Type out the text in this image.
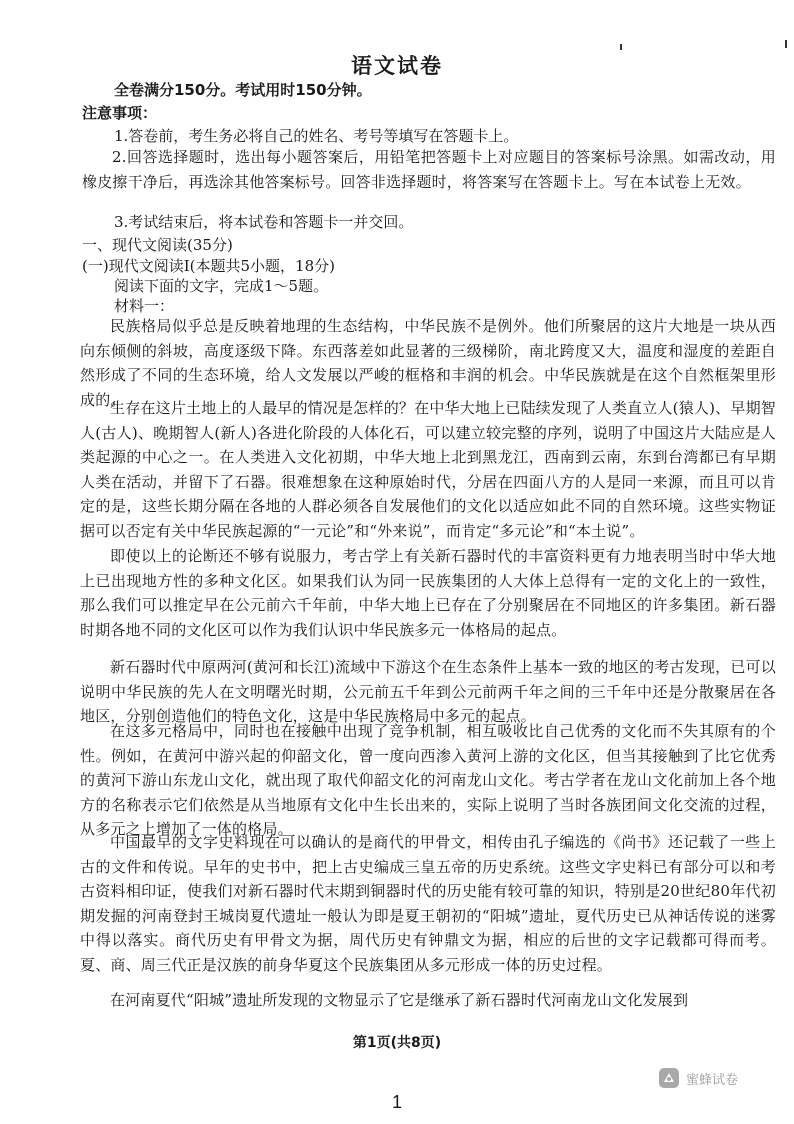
语文试卷
全卷满分150分。考试用时150分钟。
注意事项：
1.答卷前，考生务必将自己的姓名、考号等填写在答题卡上。
2.回答选择题时，选出每小题答案后，用铅笔把答题卡上对应题目的答案标号涂黑。如需改动，用橡皮擦干净后，再选涂其他答案标号。回答非选择题时，将答案写在答题卡上。写在本试卷上无效。
3.考试结束后，将本试卷和答题卡一并交回。
一、现代文阅读(35分)
(一)现代文阅读Ⅰ(本题共5小题，18分)
阅读下面的文字，完成1～5题。
材料一：
民族格局似乎总是反映着地理的生态结构，中华民族不是例外。他们所聚居的这片大地是一块从西向东倾侧的斜坡，高度逐级下降。东西落差如此显著的三级梯阶，南北跨度又大，温度和湿度的差距自然形成了不同的生态环境，给人文发展以严峻的框格和丰润的机会。中华民族就是在这个自然框架里形成的。
生存在这片土地上的人最早的情况是怎样的？在中华大地上已陆续发现了人类直立人(猿人)、早期智人(古人)、晚期智人(新人)各进化阶段的人体化石，可以建立较完整的序列，说明了中国这片大陆应是人类起源的中心之一。在人类进入文化初期，中华大地上北到黑龙江，西南到云南，东到台湾都已有早期人类在活动，并留下了石器。很难想象在这种原始时代，分居在四面八方的人是同一来源，而且可以肯定的是，这些长期分隔在各地的人群必须各自发展他们的文化以适应如此不同的自然环境。这些实物证据可以否定有关中华民族起源的“一元论”和“外来说”，而肯定“多元论”和“本土说”。
即使以上的论断还不够有说服力，考古学上有关新石器时代的丰富资料更有力地表明当时中华大地上已出现地方性的多种文化区。如果我们认为同一民族集团的人大体上总得有一定的文化上的一致性，那么我们可以推定早在公元前六千年前，中华大地上已存在了分别聚居在不同地区的许多集团。新石器时期各地不同的文化区可以作为我们认识中华民族多元一体格局的起点。
新石器时代中原两河(黄河和长江)流域中下游这个在生态条件上基本一致的地区的考古发现，已可以说明中华民族的先人在文明曙光时期，公元前五千年到公元前两千年之间的三千年中还是分散聚居在各地区，分别创造他们的特色文化，这是中华民族格局中多元的起点。
在这多元格局中，同时也在接触中出现了竞争机制，相互吸收比自己优秀的文化而不失其原有的个性。例如，在黄河中游兴起的仰韶文化，曾一度向西渗入黄河上游的文化区，但当其接触到了比它优秀的黄河下游山东龙山文化，就出现了取代仰韶文化的河南龙山文化。考古学者在龙山文化前加上各个地方的名称表示它们依然是从当地原有文化中生长出来的，实际上说明了当时各族团间文化交流的过程，从多元之上增加了一体的格局。
中国最早的文字史料现在可以确认的是商代的甲骨文，相传由孔子编选的《尚书》还记载了一些上古的文件和传说。早年的史书中，把上古史编成三皇五帝的历史系统。这些文字史料已有部分可以和考古资料相印证，使我们对新石器时代末期到铜器时代的历史能有较可靠的知识，特别是20世纪80年代初期发掘的河南登封王城岗夏代遗址一般认为即是夏王朝初的“阳城”遗址，夏代历史已从神话传说的迷雾中得以落实。商代历史有甲骨文为据，周代历史有钟鼎文为据，相应的后世的文字记载都可得而考。夏、商、周三代正是汉族的前身华夏这个民族集团从多元形成一体的历史过程。
在河南夏代“阳城”遗址所发现的文物显示了它是继承了新石器时代河南龙山文化发展到
第1页(共8页)
蜜蜂试卷
1
